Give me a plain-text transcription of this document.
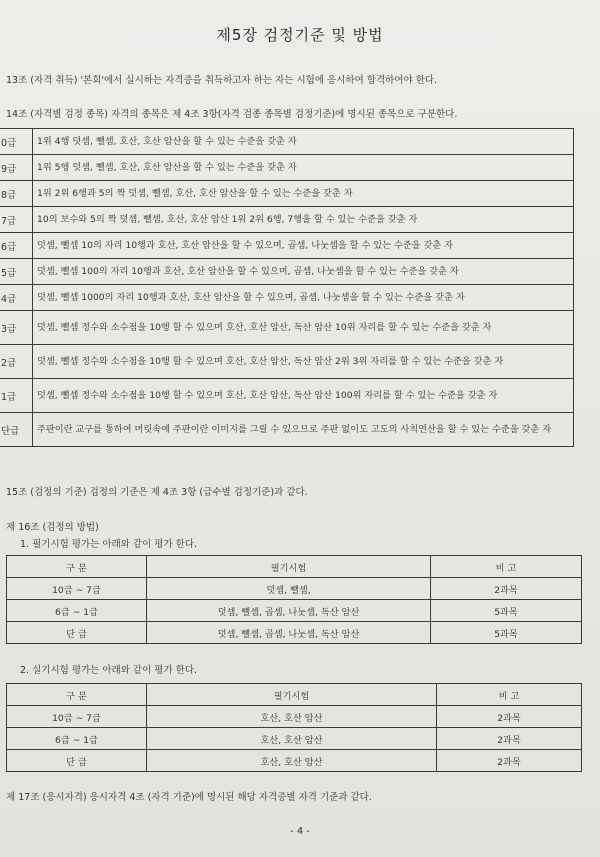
제5장 검정기준 및 방법
13조 (자격 취득) '본회'에서 실시하는 자격증을 취득하고자 하는 자는 시험에 응시하여 합격하여야 한다.
14조 (자격별 검정 종목) 자격의 종목은 제 4조 3항(자격 검종 종목별 검정기준)에 명시된 종목으로 구분한다.
0급	1위 4행 덧셈, 뺄셈, 호산, 호산 암산을 할 수 있는 수준을 갖춘 자
9급	1위 5행 덧셈, 뺄셈, 호산, 호산 암산을 할 수 있는 수준을 갖춘 자
8급	1위 2위 6행과 5의 짝 덧셈, 뺄셈, 호산, 호산 암산을 할 수 있는 수준을 갖춘 자
7급	10의 보수와 5의 짝 덧셈, 뺄셈, 호산, 호산 암산 1위 2위 6행, 7행을 할 수 있는 수준을 갖춘 자
6급	덧셈, 뺄셈 10의 자리 10행과 호산, 호산 암산을 할 수 있으며, 곱셈, 나눗셈을 할 수 있는 수준을 갖춘 자
5급	덧셈, 뺄셈 100의 자리 10행과 호산, 호산 암산을 할 수 있으며, 곱셈, 나눗셈을 할 수 있는 수준을 갖춘 자
4급	덧셈, 뺄셈 1000의 자리 10행과 호산, 호산 암산을 할 수 있으며, 곱셈, 나눗셈을 할 수 있는 수준을 갖춘 자
3급	덧셈, 뺄셈 정수와 소수점을 10행 할 수 있으며 호산, 호산 암산, 독산 암산 10위 자리를 할 수 있는 수준을 갖춘 자
2급	덧셈, 뺄셈 정수와 소수점을 10행 할 수 있으며 호산, 호산 암산, 독산 암산 2위 3위 자리를 할 수 있는 수준을 갖춘 자
1급	덧셈, 뺄셈 정수와 소수점을 10행 할 수 있으며 호산, 호산 암산, 독산 암산 100위 자리를 할 수 있는 수준을 갖춘 자
단급	주판이란 교구를 통하여 머릿속에 주판이란 이미지를 그릴 수 있으므로 주판 없이도 고도의 사칙연산을 할 수 있는 수준을 갖춘 자
15조 (검정의 기준) 검정의 기준은 제 4조 3항 (급수별 검정기준)과 같다.
제 16조 (검정의 방법)
1. 필기시험 평가는 아래와 같이 평가 한다.
구 분	필기시험	비 고
10급 ~ 7급	덧셈, 뺄셈,	2과목
6급 ~ 1급	덧셈, 뺄셈, 곱셈, 나눗셈, 독산 암산	5과목
단 급	덧셈, 뺄셈, 곱셈, 나눗셈, 독산 암산	5과목
2. 실기시험 평가는 아래와 같이 평가 한다.
구 분	필기시험	비 고
10급 ~ 7급	호산, 호산 암산	2과목
6급 ~ 1급	호산, 호산 암산	2과목
단 급	호산, 호산 암산	2과목
제 17조 (응시자격) 응시자격 4조 (자격 기준)에 명시된 해당 자격증별 자격 기준과 같다.
- 4 -
